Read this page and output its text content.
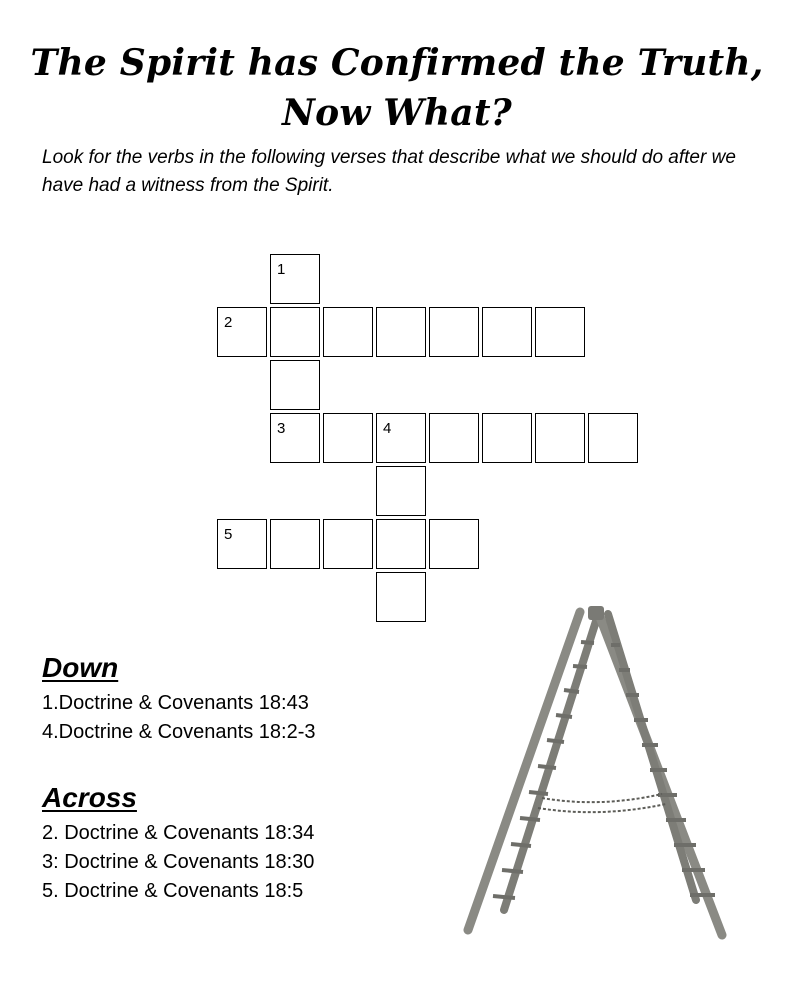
The Spirit has Confirmed the Truth,
Now What?
Look for the verbs in the following verses that describe what we should do after we
have had a witness from the Spirit.
1
2
3	4
5
Down
1.Doctrine & Covenants 18:43
4.Doctrine & Covenants 18:2-3
Across
2. Doctrine & Covenants 18:34
3: Doctrine & Covenants 18:30
5. Doctrine & Covenants 18:5
